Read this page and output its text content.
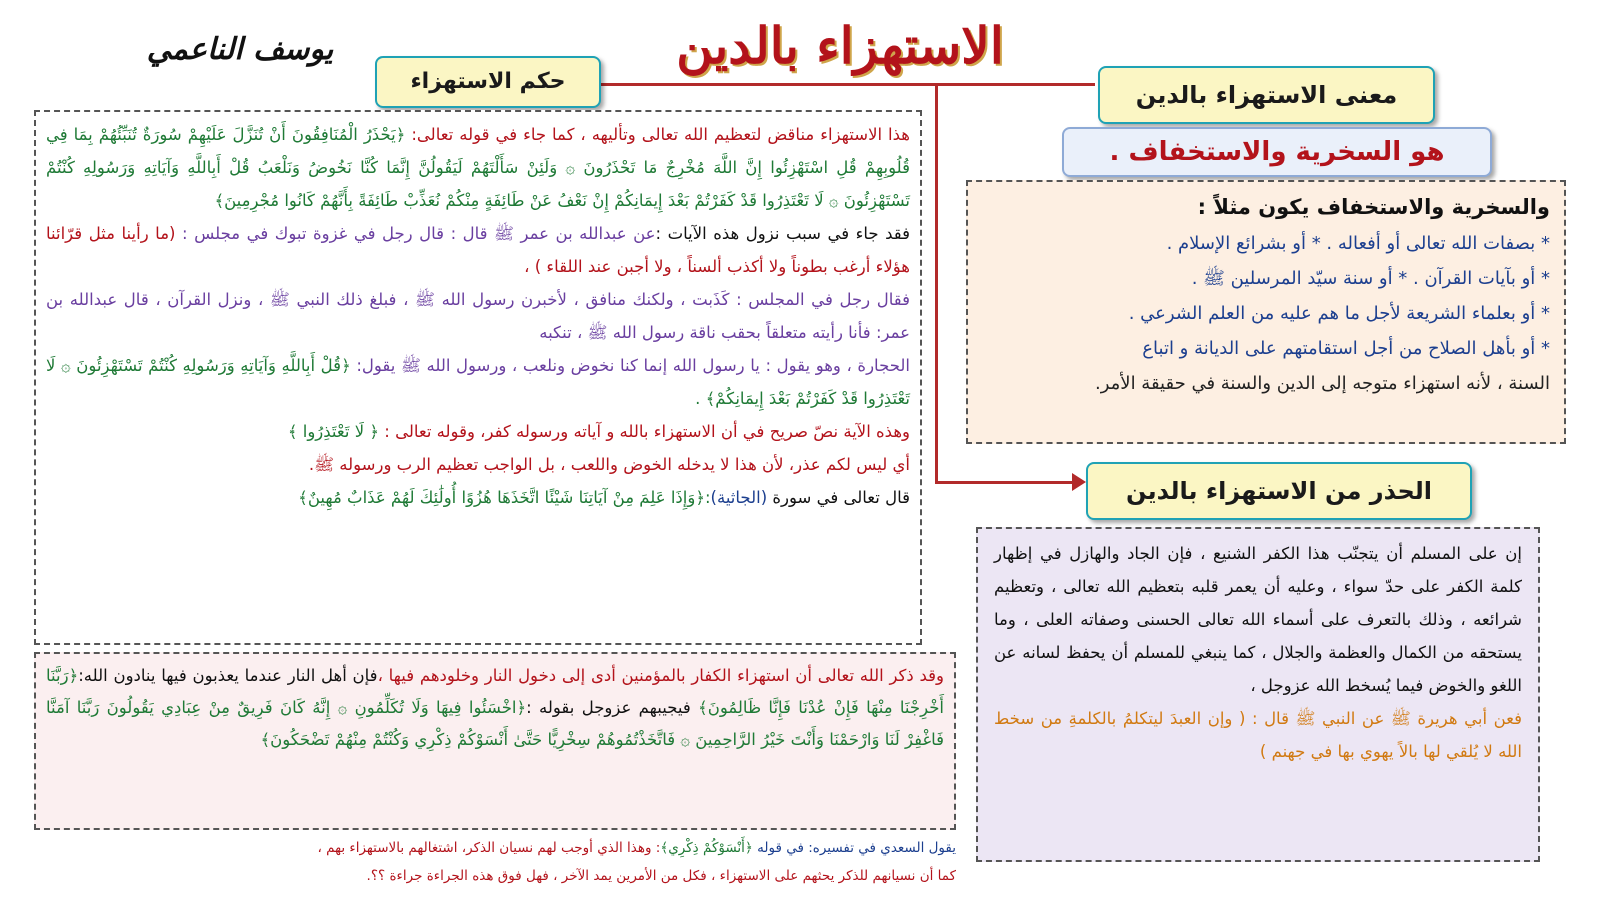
الاستهزاء بالدين
يوسف الناعمي
حكم الاستهزاء	معنى الاستهزاء بالدين
هو السخرية والاستخفاف .
الحذر من الاستهزاء بالدين

والسخرية والاستخفاف يكون مثلاً :

* بصفات الله تعالى أو أفعاله . * أو بشرائع الإسلام .

* أو بآيات القرآن . * أو سنة سيّد المرسلين ﷺ .

* أو بعلماء الشريعة لأجل ما هم عليه من العلم الشرعي .

* أو بأهل الصلاح من أجل استقامتهم على الديانة و اتباع

السنة ، لأنه استهزاء متوجه إلى الدين والسنة في حقيقة الأمر.

هذا الاستهزاء مناقض لتعظيم الله تعالى وتأليهه ، كما جاء في قوله تعالى: ﴿يَحْذَرُ الْمُنَافِقُونَ أَنْ تُنَزَّلَ عَلَيْهِمْ سُورَةٌ تُنَبِّئُهُمْ بِمَا فِي قُلُوبِهِمْ قُلِ اسْتَهْزِئُوا إِنَّ اللَّهَ مُخْرِجٌ مَا تَحْذَرُونَ ۞ وَلَئِنْ سَأَلْتَهُمْ لَيَقُولُنَّ إِنَّمَا كُنَّا نَخُوضُ وَنَلْعَبُ قُلْ أَبِاللَّهِ وَآيَاتِهِ وَرَسُولِهِ كُنْتُمْ تَسْتَهْزِئُونَ ۞ لَا تَعْتَذِرُوا قَدْ كَفَرْتُمْ بَعْدَ إِيمَانِكُمْ إِنْ نَعْفُ عَنْ طَائِفَةٍ مِنْكُمْ نُعَذِّبْ طَائِفَةً بِأَنَّهُمْ كَانُوا مُجْرِمِينَ﴾

فقد جاء في سبب نزول هذه الآيات :عن عبدالله بن عمر ﷺ قال : قال رجل في غزوة تبوك في مجلس : (ما رأينا مثل قرّائنا هؤلاء أرغب بطوناً ولا أكذب ألسناً ، ولا أجبن عند اللقاء ) ،

فقال رجل في المجلس : كَذَبت ، ولكنك منافق ، لأخبرن رسول الله ﷺ ، فبلغ ذلك النبي ﷺ ، ونزل القرآن ، قال عبدالله بن عمر: فأنا رأيته متعلقاً بحقب ناقة رسول الله ﷺ ، تنكبه

الحجارة ، وهو يقول : يا رسول الله إنما كنا نخوض ونلعب ، ورسول الله ﷺ يقول: ﴿قُلْ أَبِاللَّهِ وَآيَاتِهِ وَرَسُولِهِ كُنْتُمْ تَسْتَهْزِئُونَ ۞ لَا تَعْتَذِرُوا قَدْ كَفَرْتُمْ بَعْدَ إِيمَانِكُمْ﴾ .

وهذه الآية نصّ صريح في أن الاستهزاء بالله و آياته ورسوله كفر، وقوله تعالى : ﴿ لَا تَعْتَذِرُوا ﴾

أي ليس لكم عذر، لأن هذا لا يدخله الخوض واللعب ، بل الواجب تعظيم الرب ورسوله ﷺ.

قال تعالى في سورة (الجاثية):﴿وَإِذَا عَلِمَ مِنْ آيَاتِنَا شَيْئًا اتَّخَذَهَا هُزُوًا أُولَٰئِكَ لَهُمْ عَذَابٌ مُهِينٌ﴾

وقد ذكر الله تعالى أن استهزاء الكفار بالمؤمنين أدى إلى دخول النار وخلودهم فيها ،فإن أهل النار عندما يعذبون فيها ينادون الله:﴿رَبَّنَا أَخْرِجْنَا مِنْهَا فَإِنْ عُدْنَا فَإِنَّا ظَالِمُونَ﴾ فيجيبهم عزوجل بقوله :﴿اخْسَئُوا فِيهَا وَلَا تُكَلِّمُونِ ۞ إِنَّهُ كَانَ فَرِيقٌ مِنْ عِبَادِي يَقُولُونَ رَبَّنَا آمَنَّا فَاغْفِرْ لَنَا وَارْحَمْنَا وَأَنْتَ خَيْرُ الرَّاحِمِينَ ۞ فَاتَّخَذْتُمُوهُمْ سِخْرِيًّا حَتَّىٰ أَنْسَوْكُمْ ذِكْرِي وَكُنْتُمْ مِنْهُمْ تَضْحَكُونَ﴾

يقول السعدي في تفسيره: في قوله ﴿أَنْسَوْكُمْ ذِكْرِي﴾: وهذا الذي أوجب لهم نسيان الذكر، اشتغالهم بالاستهزاء بهم ،

كما أن نسيانهم للذكر يحثهم على الاستهزاء ، فكل من الأمرين يمد الآخر ، فهل فوق هذه الجراءة جراءة ؟؟.

إن على المسلم أن يتجنّب هذا الكفر الشنيع ، فإن الجاد والهازل في إظهار كلمة الكفر على حدّ سواء ، وعليه أن يعمر قلبه بتعظيم الله تعالى ، وتعظيم شرائعه ، وذلك بالتعرف على أسماء الله تعالى الحسنى وصفاته العلى ، وما يستحقه من الكمال والعظمة والجلال ، كما ينبغي للمسلم أن يحفظ لسانه عن اللغو والخوض فيما يُسخط الله عزوجل ،

فعن أبي هريرة ﷺ عن النبي ﷺ قال : ( وإن العبدَ ليتكلمُ بالكلمةِ من سخط الله لا يُلقي لها بالاً يهوي بها في جهنم )
